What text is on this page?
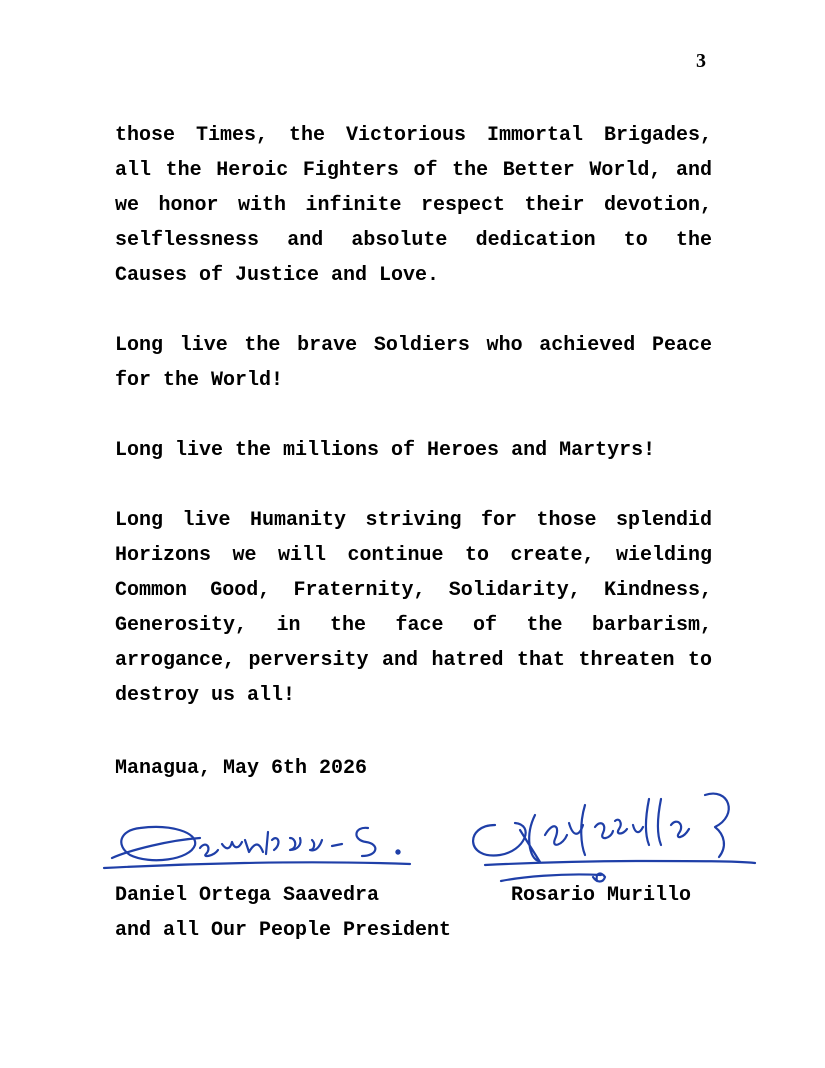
3

those Times, the Victorious Immortal Brigades, all the Heroic Fighters of the Better World, and we honor with infinite respect their devotion, selflessness and absolute dedication to the Causes of Justice and Love.

Long live the brave Soldiers who achieved Peace for the World!

Long live the millions of Heroes and Martyrs!

Long live Humanity striving for those splendid Horizons we will continue to create, wielding Common Good, Fraternity, Solidarity, Kindness, Generosity, in the face of the barbarism, arrogance, perversity and hatred that threaten to destroy us all!

Managua, May 6th 2026
Daniel Ortega Saavedra
and all Our People President
Rosario Murillo
